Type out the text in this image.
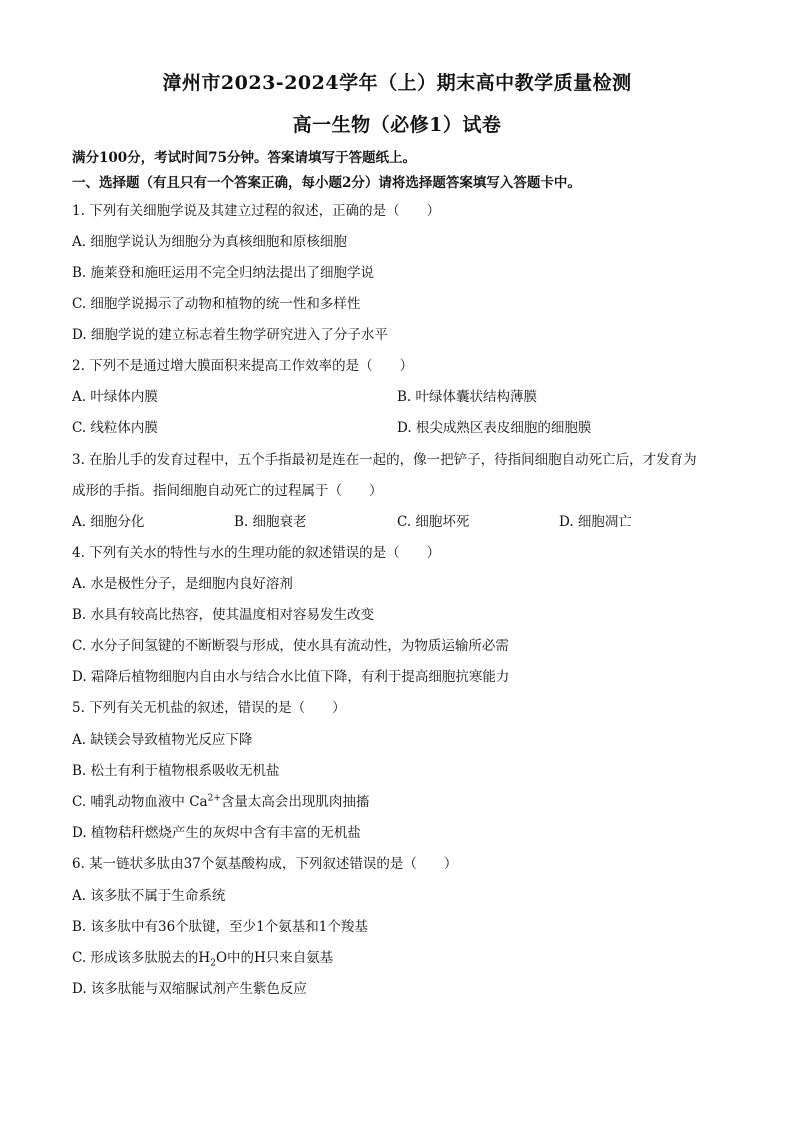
漳州市2023-2024学年（上）期末高中教学质量检测
高一生物（必修1）试卷
满分100分，考试时间75分钟。答案请填写于答题纸上。
一、选择题（有且只有一个答案正确，每小题2分）请将选择题答案填写入答题卡中。
1. 下列有关细胞学说及其建立过程的叙述，正确的是（　　）
A. 细胞学说认为细胞分为真核细胞和原核细胞
B. 施莱登和施旺运用不完全归纳法提出了细胞学说
C. 细胞学说揭示了动物和植物的统一性和多样性
D. 细胞学说的建立标志着生物学研究进入了分子水平
2. 下列不是通过增大膜面积来提高工作效率的是（　　）
A. 叶绿体内膜	B. 叶绿体囊状结构薄膜
C. 线粒体内膜	D. 根尖成熟区表皮细胞的细胞膜
3. 在胎儿手的发育过程中，五个手指最初是连在一起的，像一把铲子，待指间细胞自动死亡后，才发育为
成形的手指。指间细胞自动死亡的过程属于（　　）
A. 细胞分化	B. 细胞衰老	C. 细胞坏死	D. 细胞凋亡
4. 下列有关水的特性与水的生理功能的叙述错误的是（　　）
A. 水是极性分子，是细胞内良好溶剂
B. 水具有较高比热容，使其温度相对容易发生改变
C. 水分子间氢键的不断断裂与形成，使水具有流动性，为物质运输所必需
D. 霜降后植物细胞内自由水与结合水比值下降，有利于提高细胞抗寒能力
5. 下列有关无机盐的叙述，错误的是（　　）
A. 缺镁会导致植物光反应下降
B. 松土有利于植物根系吸收无机盐
C. 哺乳动物血液中 $Ca^{2+}$含量太高会出现肌肉抽搐
D. 植物秸秆燃烧产生的灰烬中含有丰富的无机盐
6. 某一链状多肽由37个氨基酸构成，下列叙述错误的是（　　）
A. 该多肽不属于生命系统
B. 该多肽中有36个肽键，至少1个氨基和1个羧基
C. 形成该多肽脱去的$H_2O$中的H只来自氨基
D. 该多肽能与双缩脲试剂产生紫色反应
